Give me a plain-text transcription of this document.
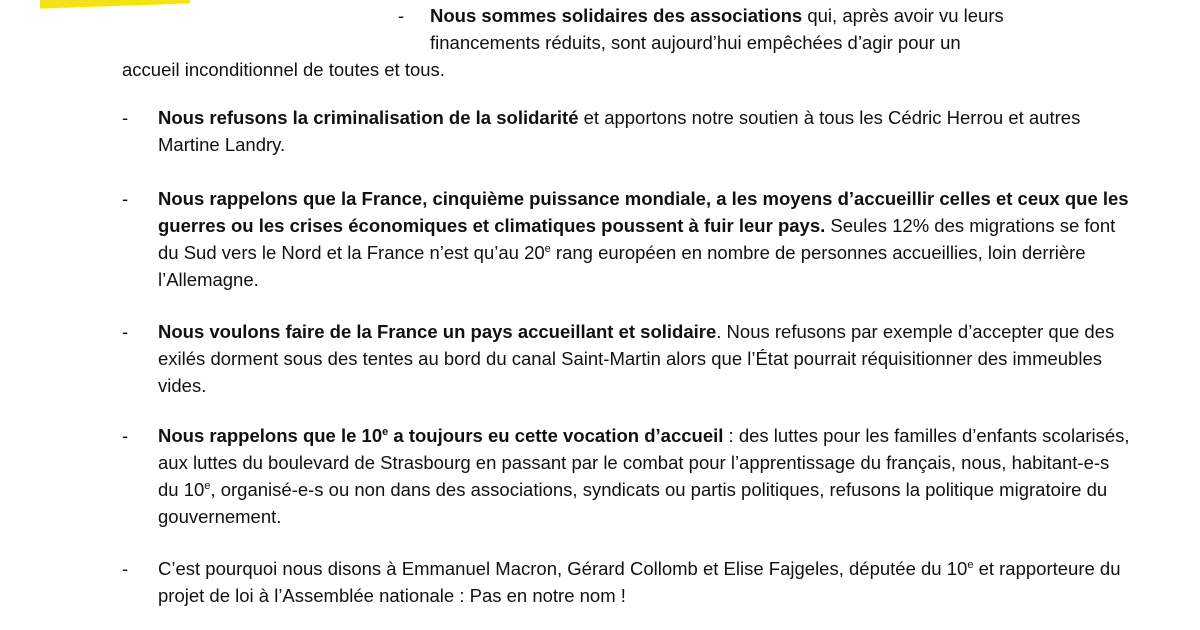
-	Nous sommes solidaires des associations qui, après avoir vu leurs
financements réduits, sont aujourd’hui empêchées d’agir pour un
accueil inconditionnel de toutes et tous.
-	Nous refusons la criminalisation de la solidarité et apportons notre soutien à tous les Cédric Herrou et autres Martine Landry.
-	Nous rappelons que la France, cinquième puissance mondiale, a les moyens d’accueillir celles et ceux que les guerres ou les crises économiques et climatiques poussent à fuir leur pays. Seules 12% des migrations se font du Sud vers le Nord et la France n’est qu’au 20e rang européen en nombre de personnes accueillies, loin derrière l’Allemagne.
-	Nous voulons faire de la France un pays accueillant et solidaire. Nous refusons par exemple d’accepter que des exilés dorment sous des tentes au bord du canal Saint-Martin alors que l’État pourrait réquisitionner des immeubles vides.
-	Nous rappelons que le 10e a toujours eu cette vocation d’accueil : des luttes pour les familles d’enfants scolarisés, aux luttes du boulevard de Strasbourg en passant par le combat pour l’apprentissage du français, nous, habitant-e-s du 10e, organisé-e-s ou non dans des associations, syndicats ou partis politiques, refusons la politique migratoire du gouvernement.
-	C’est pourquoi nous disons à Emmanuel Macron, Gérard Collomb et Elise Fajgeles, députée du 10e et rapporteure du projet de loi à l’Assemblée nationale : Pas en notre nom !
